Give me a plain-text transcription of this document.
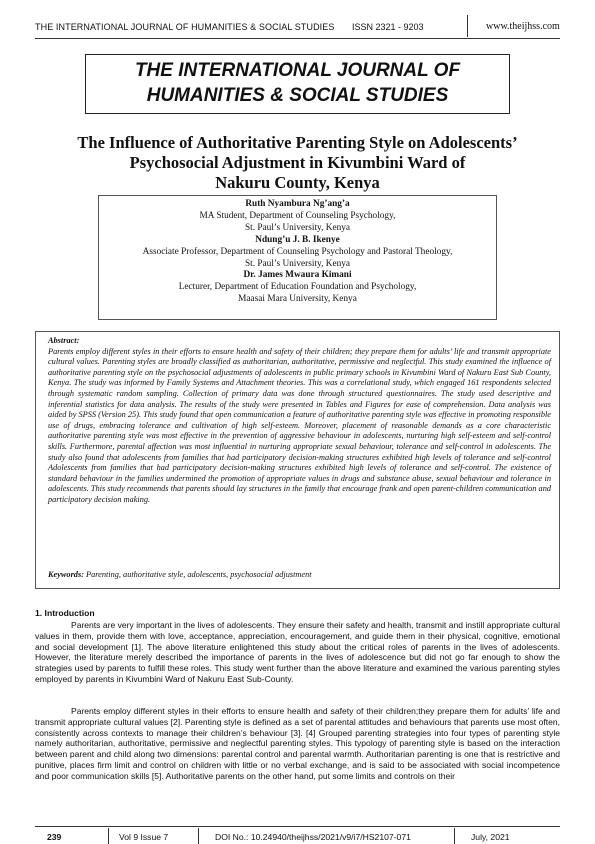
THE INTERNATIONAL JOURNAL OF HUMANITIES & SOCIAL STUDIES ISSN 2321 - 9203	www.theijhss.com
THE INTERNATIONAL JOURNAL OF
HUMANITIES & SOCIAL STUDIES
The Influence of Authoritative Parenting Style on Adolescents’
Psychosocial Adjustment in Kivumbini Ward of
Nakuru County, Kenya
Ruth Nyambura Ng’ang’a
MA Student, Department of Counseling Psychology,
St. Paul’s University, Kenya
Ndung’u J. B. Ikenye
Associate Professor, Department of Counseling Psychology and Pastoral Theology,
St. Paul’s University, Kenya
Dr. James Mwaura Kimani
Lecturer, Department of Education Foundation and Psychology,
Maasai Mara University, Kenya
Abstract:
Parents employ different styles in their efforts to ensure health and safety of their children; they prepare them for adults’ life and transmit appropriate cultural values. Parenting styles are broadly classified as authoritarian, authoritative, permissive and neglectful. This study examined the influence of authoritative parenting style on the psychosocial adjustments of adolescents in public primary schools in Kivumbini Ward of Nakuru East Sub County, Kenya. The study was informed by Family Systems and Attachment theories. This was a correlational study, which engaged 161 respondents selected through systematic random sampling. Collection of primary data was done through structured questionnaires. The study used descriptive and inferential statistics for data analysis. The results of the study were presented in Tables and Figures for ease of comprehension. Data analysis was aided by SPSS (Version 25). This study found that open communication a feature of authoritative parenting style was effective in promoting responsible use of drugs, embracing tolerance and cultivation of high self-esteem. Moreover, placement of reasonable demands as a core characteristic authoritative parenting style was most effective in the prevention of aggressive behaviour in adolescents, nurturing high self-esteem and self-control skills. Furthermore, parental affection was most influential in nurturing appropriate sexual behaviour, tolerance and self-control in adolescents. The study also found that adolescents from families that had participatory decision-making structures exhibited high levels of tolerance and self-control Adolescents from families that had participatory decision-making structures exhibited high levels of tolerance and self-control. The existence of standard behaviour in the families undermined the promotion of appropriate values in drugs and substance abuse, sexual behaviour and tolerance in adolescents. This study recommends that parents should lay structures in the family that encourage frank and open parent-children communication and participatory decision making.
Keywords: Parenting, authoritative style, adolescents, psychosocial adjustment
1. Introduction
Parents are very important in the lives of adolescents. They ensure their safety and health, transmit and instill appropriate cultural values in them, provide them with love, acceptance, appreciation, encouragement, and guide them in their physical, cognitive, emotional and social development [1]. The above literature enlightened this study about the critical roles of parents in the lives of adolescents. However, the literature merely described the importance of parents in the lives of adolescence but did not go far enough to show the strategies used by parents to fulfill these roles. This study went further than the above literature and examined the various parenting styles employed by parents in Kivumbini Ward of Nakuru East Sub-County.
Parents employ different styles in their efforts to ensure health and safety of their children;they prepare them for adults’ life and transmit appropriate cultural values [2]. Parenting style is defined as a set of parental attitudes and behaviours that parents use most often, consistently across contexts to manage their children’s behaviour [3]. [4] Grouped parenting strategies into four types of parenting style namely authoritarian, authoritative, permissive and neglectful parenting styles. This typology of parenting style is based on the interaction between parent and child along two dimensions: parental control and parental warmth. Authoritarian parenting is one that is restrictive and punitive, places firm limit and control on children with little or no verbal exchange, and is said to be associated with social incompetence and poor communication skills [5]. Authoritative parents on the other hand, put some limits and controls on their
239	Vol 9 Issue 7	DOI No.: 10.24940/theijhss/2021/v9/i7/HS2107-071	July, 2021
